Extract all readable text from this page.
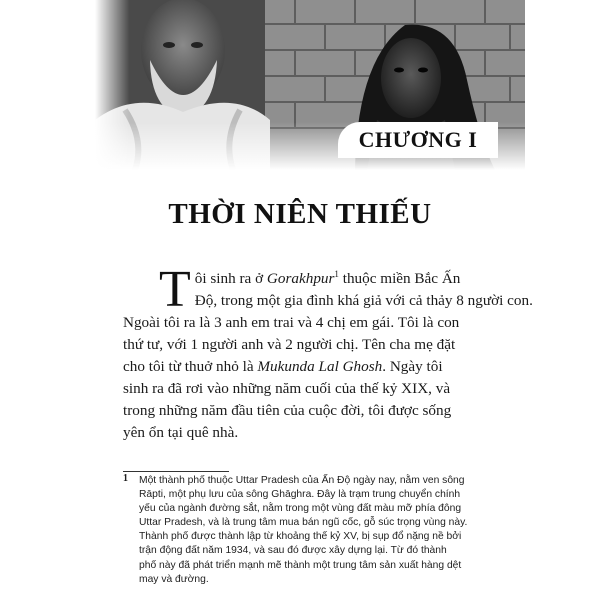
CHƯƠNG I
THỜI NIÊN THIẾU
T ôi sinh ra ở Gorakhpur$^1$ thuộc miền Bắc Ấn
Độ, trong một gia đình khá giả với cả thảy 8 người con.
Ngoài tôi ra là 3 anh em trai và 4 chị em gái. Tôi là con
thứ tư, với 1 người anh và 2 người chị. Tên cha mẹ đặt
cho tôi từ thuở nhỏ là Mukunda Lal Ghosh. Ngày tôi
sinh ra đã rơi vào những năm cuối của thế kỷ XIX, và
trong những năm đầu tiên của cuộc đời, tôi được sống
yên ổn tại quê nhà.
1 Một thành phố thuộc Uttar Pradesh của Ấn Độ ngày nay, nằm ven sông
Rāpti, một phụ lưu của sông Ghāghra. Đây là trạm trung chuyển chính
yếu của ngành đường sắt, nằm trong một vùng đất màu mỡ phía đông
Uttar Pradesh, và là trung tâm mua bán ngũ cốc, gỗ súc trọng vùng này.
Thành phố được thành lập từ khoảng thế kỷ XV, bị sụp đổ nặng nề bởi
trận động đất năm 1934, và sau đó được xây dựng lại. Từ đó thành
phố này đã phát triển mạnh mẽ thành một trung tâm sản xuất hàng dệt
may và đường.
